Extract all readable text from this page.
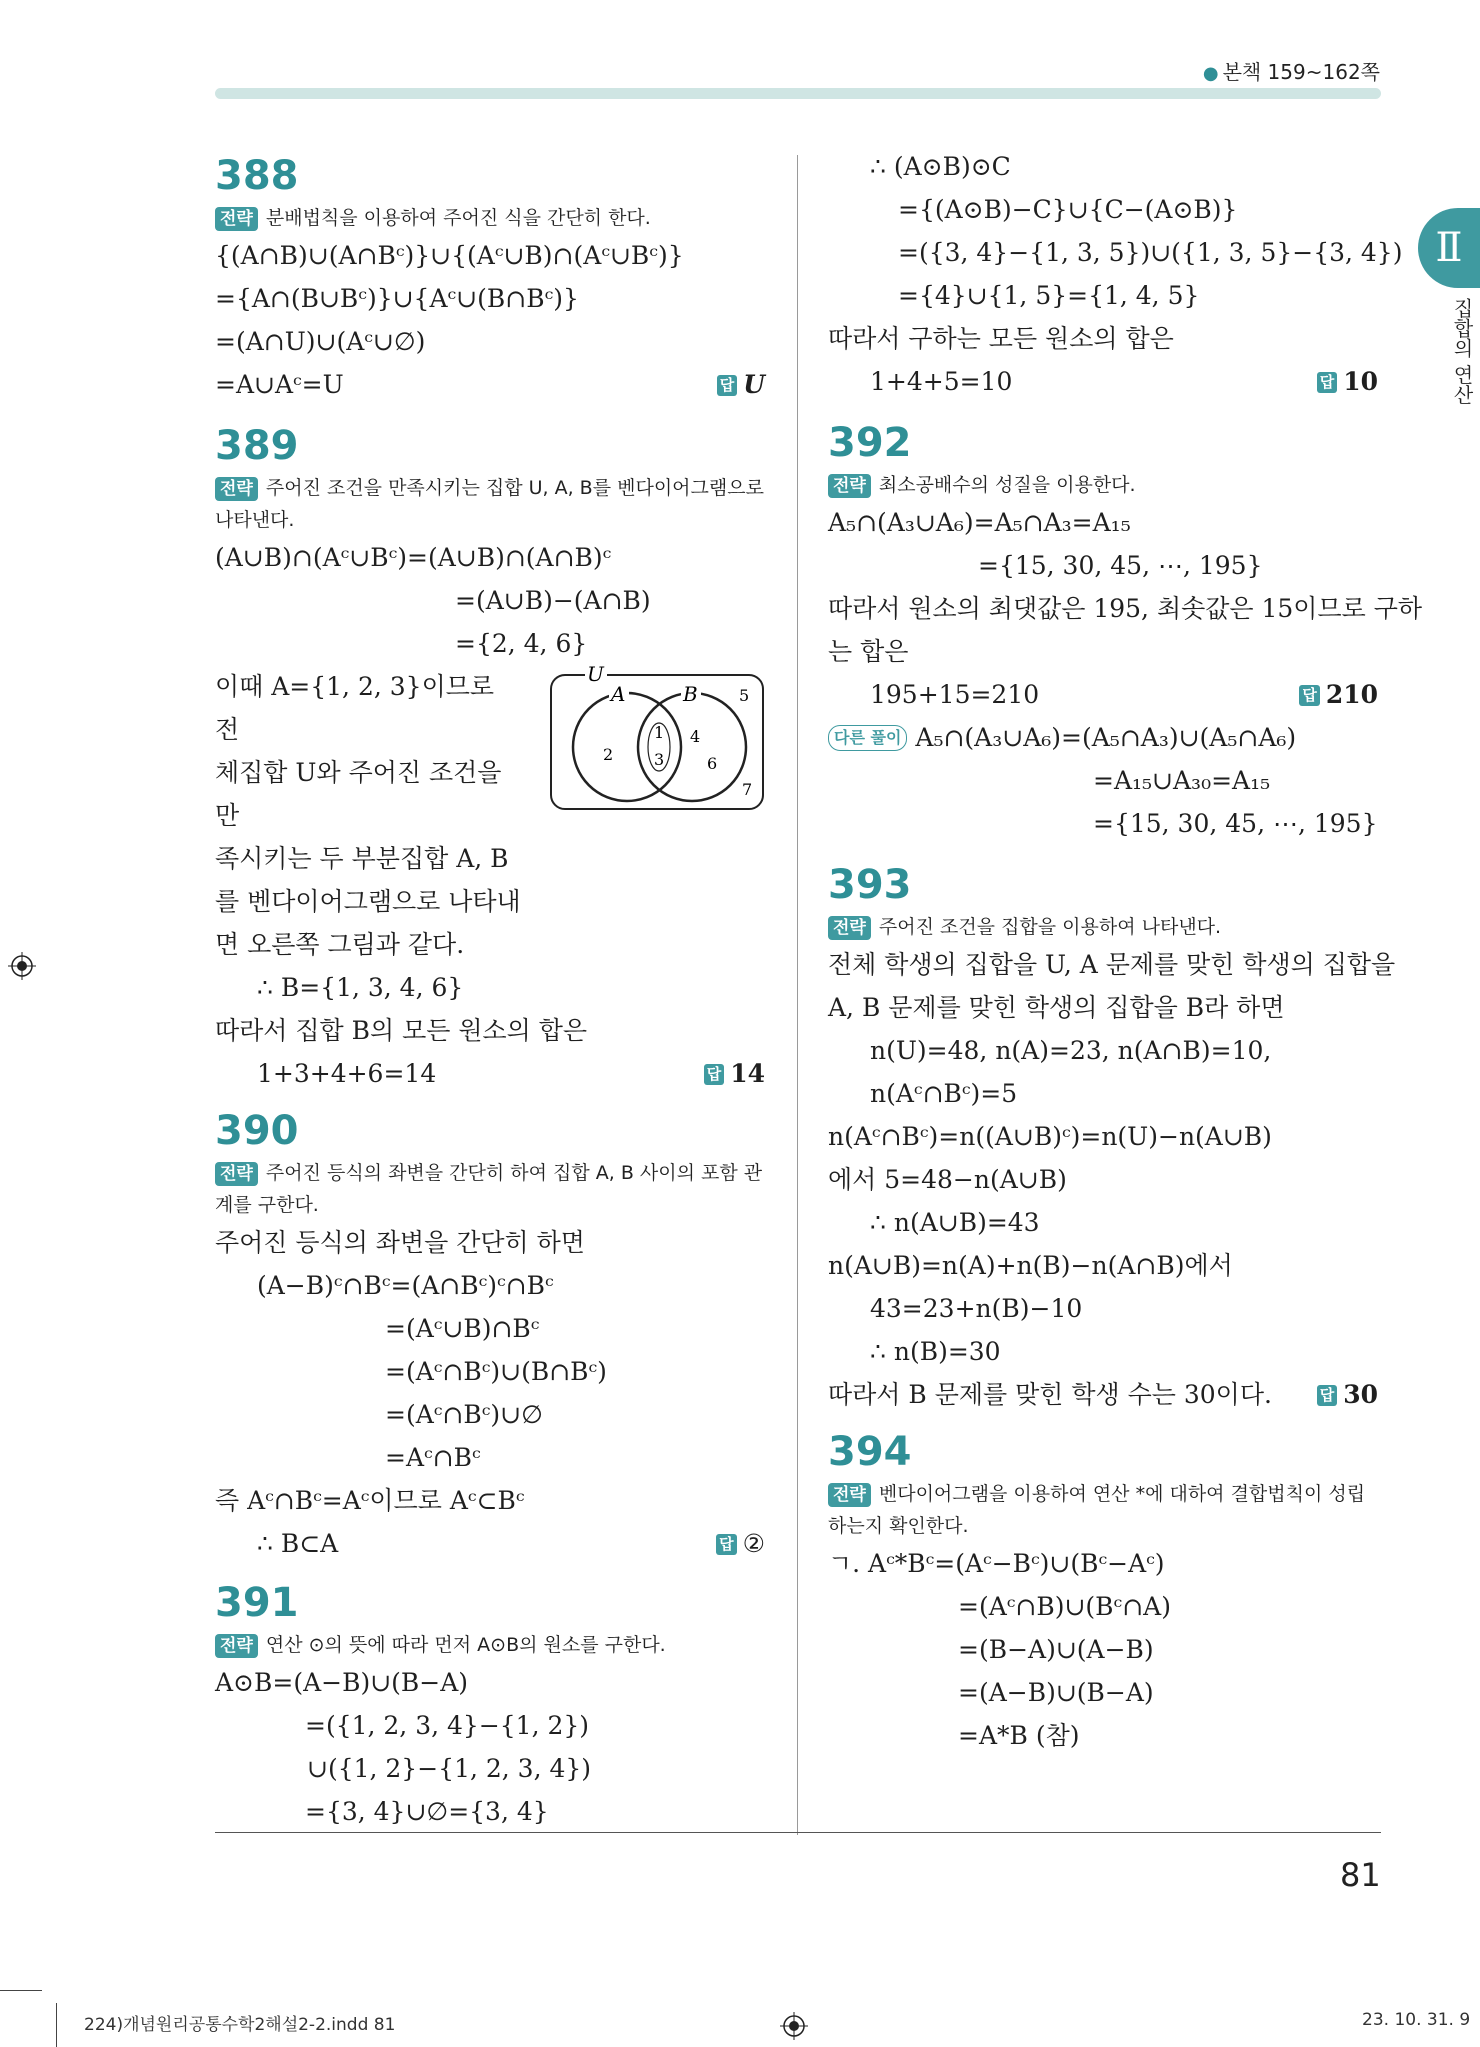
● 본책 159~162쪽
Ⅱ
집합의 연산
388
전략 분배법칙을 이용하여 주어진 식을 간단히 한다.
{(A∩B)∪(A∩Bᶜ)}∪{(Aᶜ∪B)∩(Aᶜ∪Bᶜ)}
={A∩(B∪Bᶜ)}∪{Aᶜ∪(B∩Bᶜ)}
=(A∩U)∪(Aᶜ∪∅)
=A∪Aᶜ=U	답 U
389
전략 주어진 조건을 만족시키는 집합 U, A, B를 벤다이어그램으로 나타낸다.
(A∪B)∩(Aᶜ∪Bᶜ)=(A∪B)∩(A∩B)ᶜ
=(A∪B)−(A∩B)
={2, 4, 6}
U
A	B
2
1
3
4
6
5
7
이때 A={1, 2, 3}이므로 전
체집합 U와 주어진 조건을 만
족시키는 두 부분집합 A, B
를 벤다이어그램으로 나타내
면 오른쪽 그림과 같다.
∴ B={1, 3, 4, 6}
따라서 집합 B의 모든 원소의 합은
1+3+4+6=14	답 14
390
전략 주어진 등식의 좌변을 간단히 하여 집합 A, B 사이의 포함 관계를 구한다.
주어진 등식의 좌변을 간단히 하면
(A−B)ᶜ∩Bᶜ=(A∩Bᶜ)ᶜ∩Bᶜ
=(Aᶜ∪B)∩Bᶜ
=(Aᶜ∩Bᶜ)∪(B∩Bᶜ)
=(Aᶜ∩Bᶜ)∪∅
=Aᶜ∩Bᶜ
즉 Aᶜ∩Bᶜ=Aᶜ이므로 Aᶜ⊂Bᶜ
∴ B⊂A	답 ②
391
전략 연산 ⊙의 뜻에 따라 먼저 A⊙B의 원소를 구한다.
A⊙B=(A−B)∪(B−A)
=({1, 2, 3, 4}−{1, 2})
∪({1, 2}−{1, 2, 3, 4})
={3, 4}∪∅={3, 4}
∴ (A⊙B)⊙C
={(A⊙B)−C}∪{C−(A⊙B)}
=({3, 4}−{1, 3, 5})∪({1, 3, 5}−{3, 4})
={4}∪{1, 5}={1, 4, 5}
따라서 구하는 모든 원소의 합은
1+4+5=10	답 10
392
전략 최소공배수의 성질을 이용한다.
A₅∩(A₃∪A₆)=A₅∩A₃=A₁₅
={15, 30, 45, ⋯, 195}
따라서 원소의 최댓값은 195, 최솟값은 15이므로 구하
는 합은
195+15=210	답 210
다른 풀이 A₅∩(A₃∪A₆)=(A₅∩A₃)∪(A₅∩A₆)
=A₁₅∪A₃₀=A₁₅
={15, 30, 45, ⋯, 195}
393
전략 주어진 조건을 집합을 이용하여 나타낸다.
전체 학생의 집합을 U, A 문제를 맞힌 학생의 집합을
A, B 문제를 맞힌 학생의 집합을 B라 하면
n(U)=48, n(A)=23, n(A∩B)=10,
n(Aᶜ∩Bᶜ)=5
n(Aᶜ∩Bᶜ)=n((A∪B)ᶜ)=n(U)−n(A∪B)
에서 5=48−n(A∪B)
∴ n(A∪B)=43
n(A∪B)=n(A)+n(B)−n(A∩B)에서
43=23+n(B)−10
∴ n(B)=30
따라서 B 문제를 맞힌 학생 수는 30이다.	답 30
394
전략 벤다이어그램을 이용하여 연산 *에 대하여 결합법칙이 성립하는지 확인한다.
ㄱ. Aᶜ*Bᶜ=(Aᶜ−Bᶜ)∪(Bᶜ−Aᶜ)
=(Aᶜ∩B)∪(Bᶜ∩A)
=(B−A)∪(A−B)
=(A−B)∪(B−A)
=A*B (참)
81
224)개념원리공통수학2해설2-2.indd 81	23. 10. 31. 9
